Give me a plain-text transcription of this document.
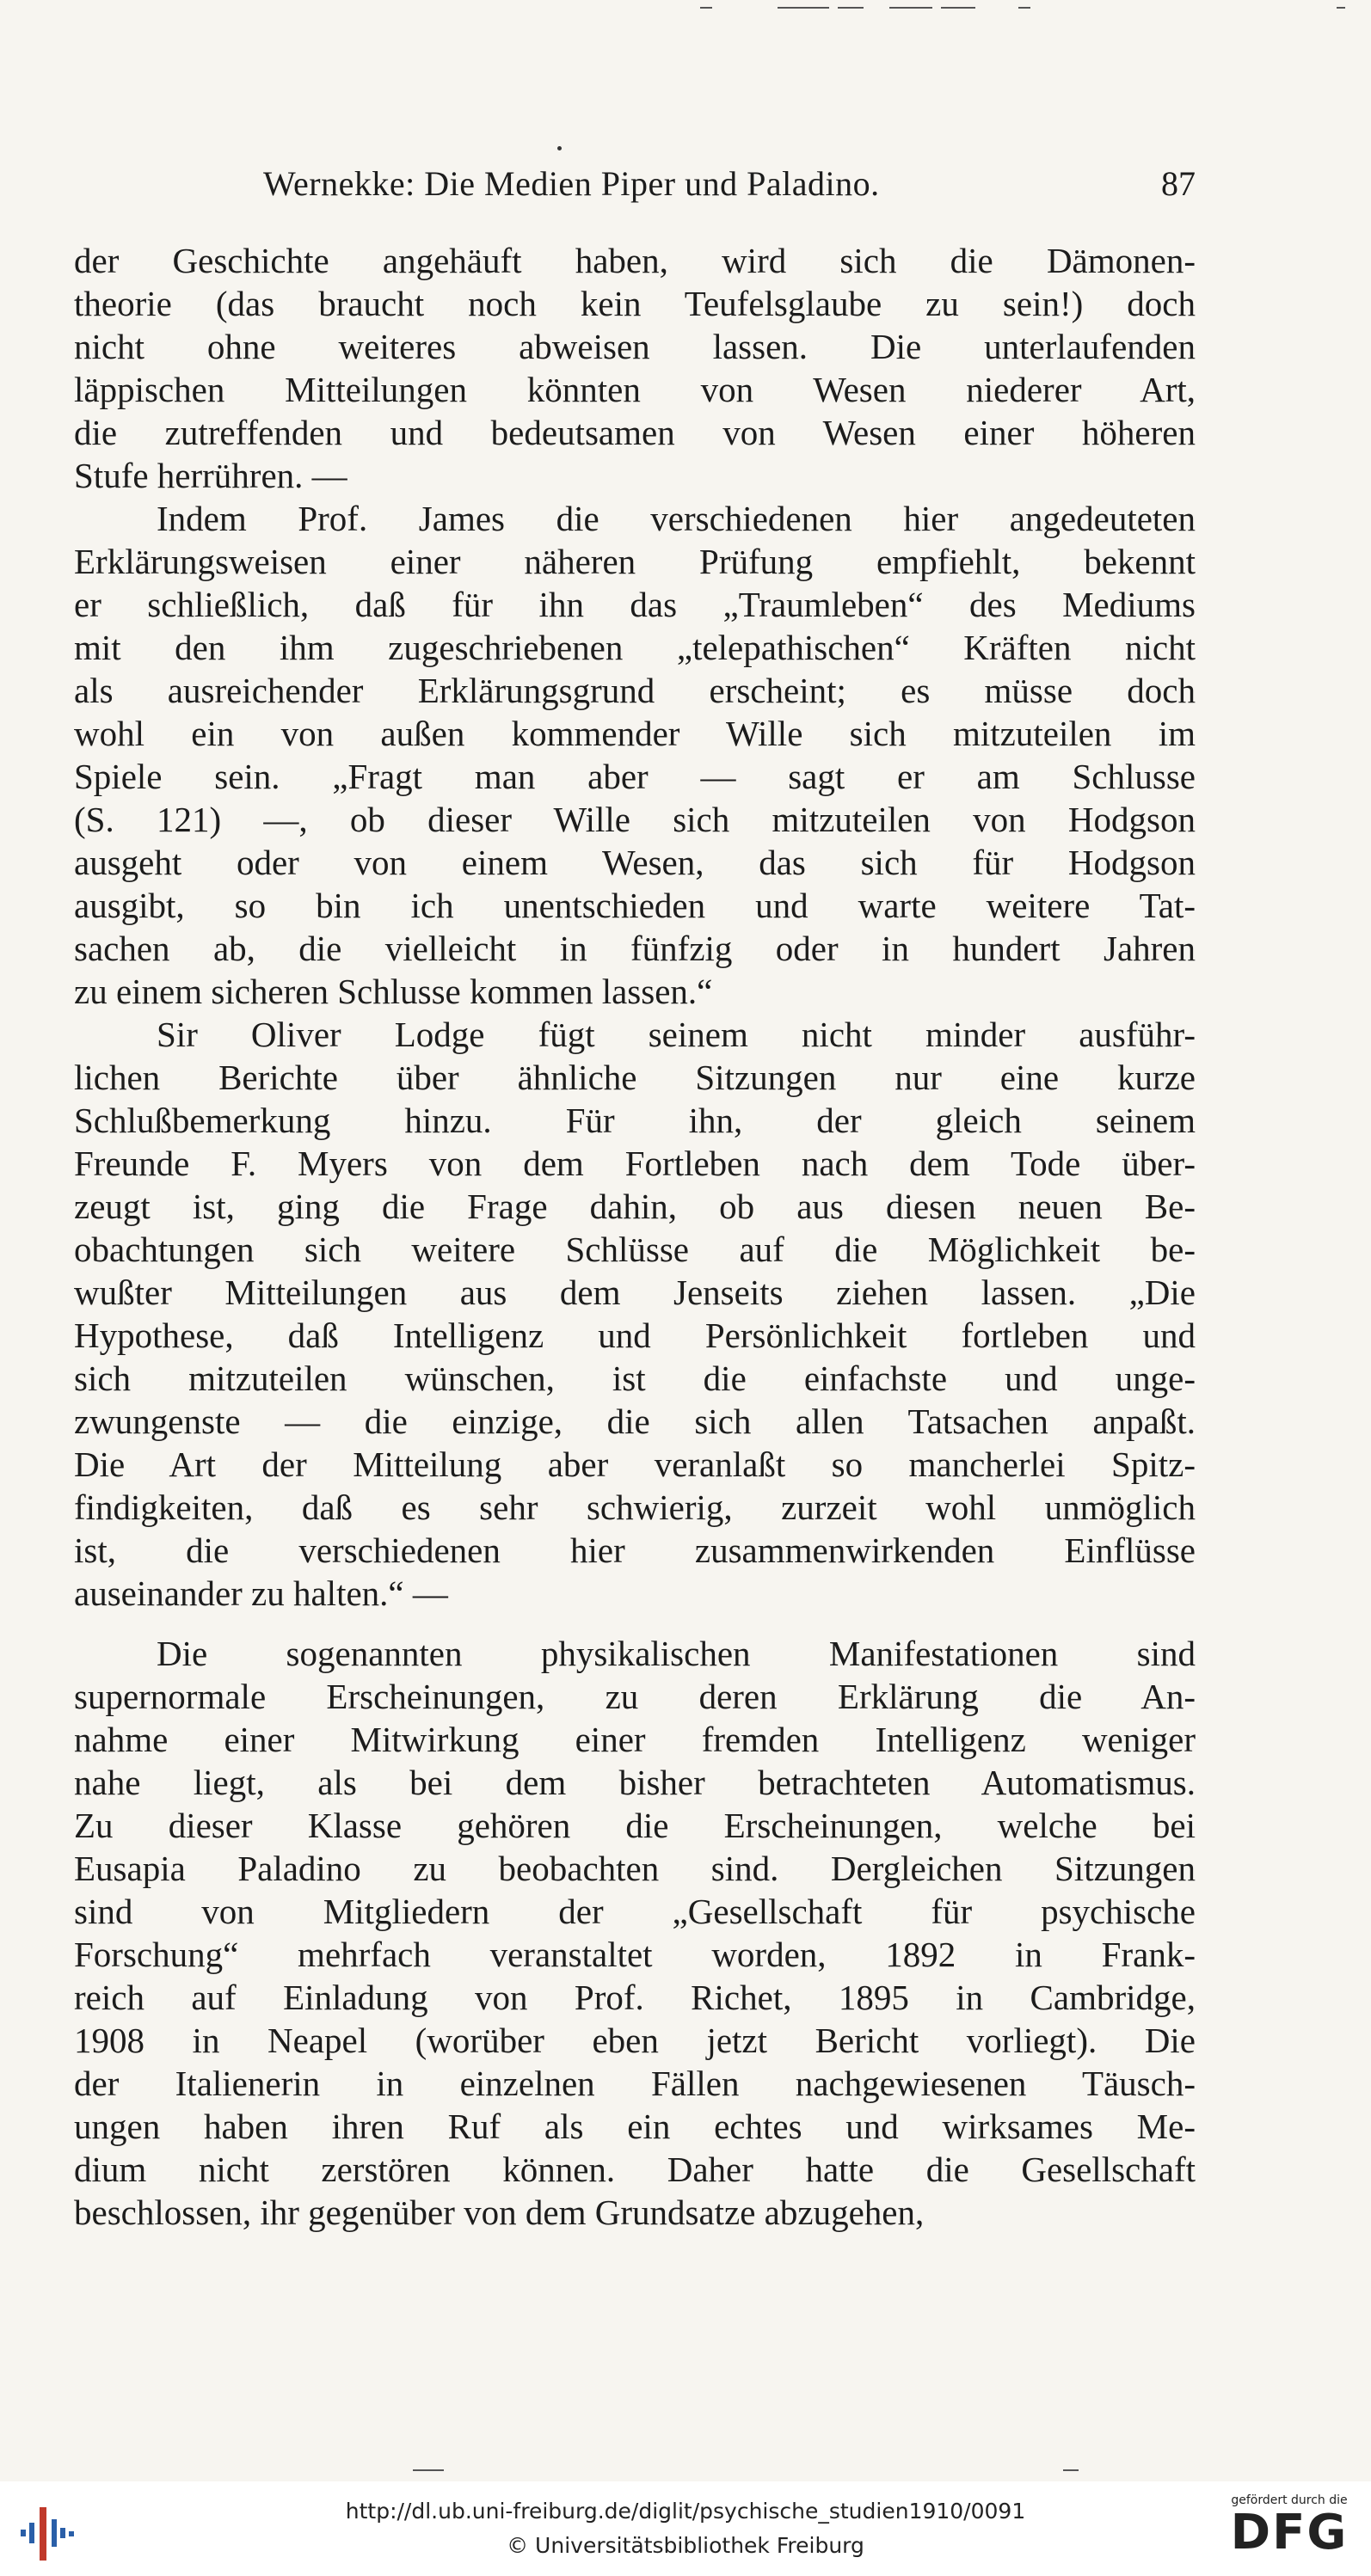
Wernekke: Die Medien Piper und Paladino.	87
der Geschichte angehäuft haben, wird sich die Dämonen-
theorie (das braucht noch kein Teufelsglaube zu sein!) doch
nicht ohne weiteres abweisen lassen. Die unterlaufenden
läppischen Mitteilungen könnten von Wesen niederer Art,
die zutreffenden und bedeutsamen von Wesen einer höheren
Stufe herrühren. —
Indem Prof. James die verschiedenen hier angedeuteten
Erklärungsweisen einer näheren Prüfung empfiehlt, bekennt
er schließlich, daß für ihn das „Traumleben“ des Mediums
mit den ihm zugeschriebenen „telepathischen“ Kräften nicht
als ausreichender Erklärungsgrund erscheint; es müsse doch
wohl ein von außen kommender Wille sich mitzuteilen im
Spiele sein. „Fragt man aber — sagt er am Schlusse
(S. 121) —, ob dieser Wille sich mitzuteilen von Hodgson
ausgeht oder von einem Wesen, das sich für Hodgson
ausgibt, so bin ich unentschieden und warte weitere Tat-
sachen ab, die vielleicht in fünfzig oder in hundert Jahren
zu einem sicheren Schlusse kommen lassen.“
Sir Oliver Lodge fügt seinem nicht minder ausführ-
lichen Berichte über ähnliche Sitzungen nur eine kurze
Schlußbemerkung hinzu. Für ihn, der gleich seinem
Freunde F. Myers von dem Fortleben nach dem Tode über-
zeugt ist, ging die Frage dahin, ob aus diesen neuen Be-
obachtungen sich weitere Schlüsse auf die Möglichkeit be-
wußter Mitteilungen aus dem Jenseits ziehen lassen. „Die
Hypothese, daß Intelligenz und Persönlichkeit fortleben und
sich mitzuteilen wünschen, ist die einfachste und unge-
zwungenste — die einzige, die sich allen Tatsachen anpaßt.
Die Art der Mitteilung aber veranlaßt so mancherlei Spitz-
findigkeiten, daß es sehr schwierig, zurzeit wohl unmöglich
ist, die verschiedenen hier zusammenwirkenden Einflüsse
auseinander zu halten.“ —
Die sogenannten physikalischen Manifestationen sind
supernormale Erscheinungen, zu deren Erklärung die An-
nahme einer Mitwirkung einer fremden Intelligenz weniger
nahe liegt, als bei dem bisher betrachteten Automatismus.
Zu dieser Klasse gehören die Erscheinungen, welche bei
Eusapia Paladino zu beobachten sind. Dergleichen Sitzungen
sind von Mitgliedern der „Gesellschaft für psychische
Forschung“ mehrfach veranstaltet worden, 1892 in Frank-
reich auf Einladung von Prof. Richet, 1895 in Cambridge,
1908 in Neapel (worüber eben jetzt Bericht vorliegt). Die
der Italienerin in einzelnen Fällen nachgewiesenen Täusch-
ungen haben ihren Ruf als ein echtes und wirksames Me-
dium nicht zerstören können. Daher hatte die Gesellschaft
beschlossen, ihr gegenüber von dem Grundsatze abzugehen,
http://dl.ub.uni-freiburg.de/diglit/psychische_studien1910/0091
© Universitätsbibliothek Freiburg
gefördert durch die
DFG
